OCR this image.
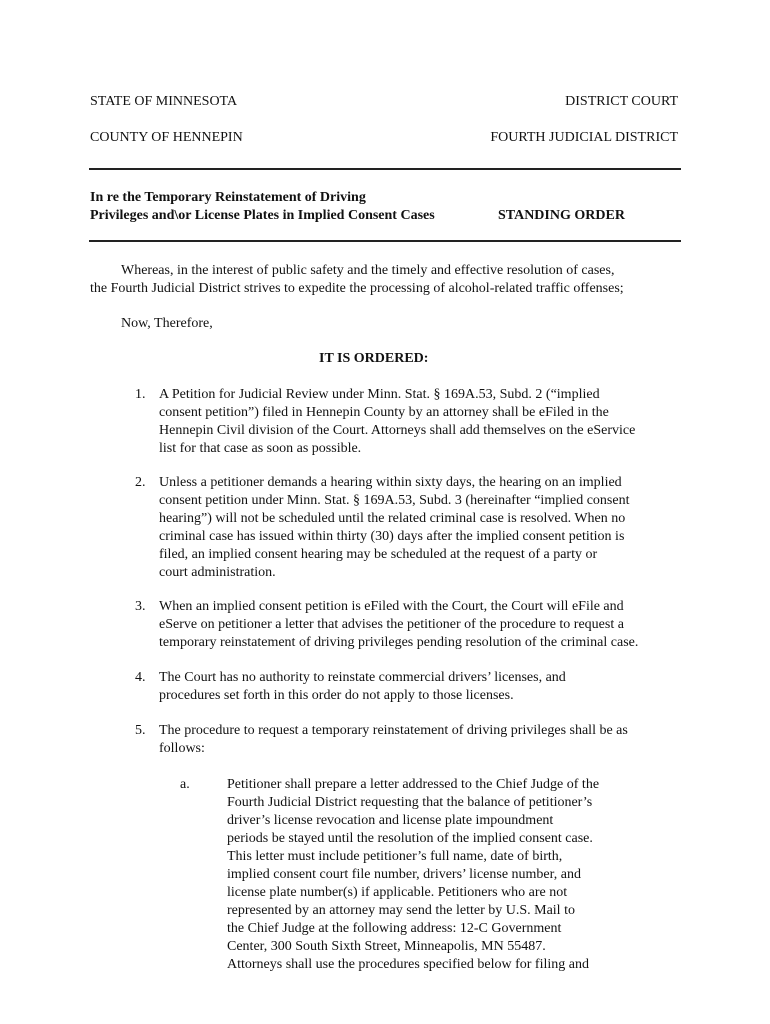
STATE OF MINNESOTA	DISTRICT COURT
COUNTY OF HENNEPIN	FOURTH JUDICIAL DISTRICT
In re the Temporary Reinstatement of Driving
Privileges and\or License Plates in Implied Consent Cases	STANDING ORDER
Whereas, in the interest of public safety and the timely and effective resolution of cases,
the Fourth Judicial District strives to expedite the processing of alcohol-related traffic offenses;
Now, Therefore,
IT IS ORDERED:
1. A Petition for Judicial Review under Minn. Stat. § 169A.53, Subd. 2 (“implied
consent petition”) filed in Hennepin County by an attorney shall be eFiled in the
Hennepin Civil division of the Court. Attorneys shall add themselves on the eService
list for that case as soon as possible.
2. Unless a petitioner demands a hearing within sixty days, the hearing on an implied
consent petition under Minn. Stat. § 169A.53, Subd. 3 (hereinafter “implied consent
hearing”) will not be scheduled until the related criminal case is resolved. When no
criminal case has issued within thirty (30) days after the implied consent petition is
filed, an implied consent hearing may be scheduled at the request of a party or
court administration.
3. When an implied consent petition is eFiled with the Court, the Court will eFile and
eServe on petitioner a letter that advises the petitioner of the procedure to request a
temporary reinstatement of driving privileges pending resolution of the criminal case.
4. The Court has no authority to reinstate commercial drivers’ licenses, and
procedures set forth in this order do not apply to those licenses.
5. The procedure to request a temporary reinstatement of driving privileges shall be as
follows:
a.	Petitioner shall prepare a letter addressed to the Chief Judge of the
Fourth Judicial District requesting that the balance of petitioner’s
driver’s license revocation and license plate impoundment
periods be stayed until the resolution of the implied consent case.
This letter must include petitioner’s full name, date of birth,
implied consent court file number, drivers’ license number, and
license plate number(s) if applicable. Petitioners who are not
represented by an attorney may send the letter by U.S. Mail to
the Chief Judge at the following address: 12-C Government
Center, 300 South Sixth Street, Minneapolis, MN 55487.
Attorneys shall use the procedures specified below for filing and
